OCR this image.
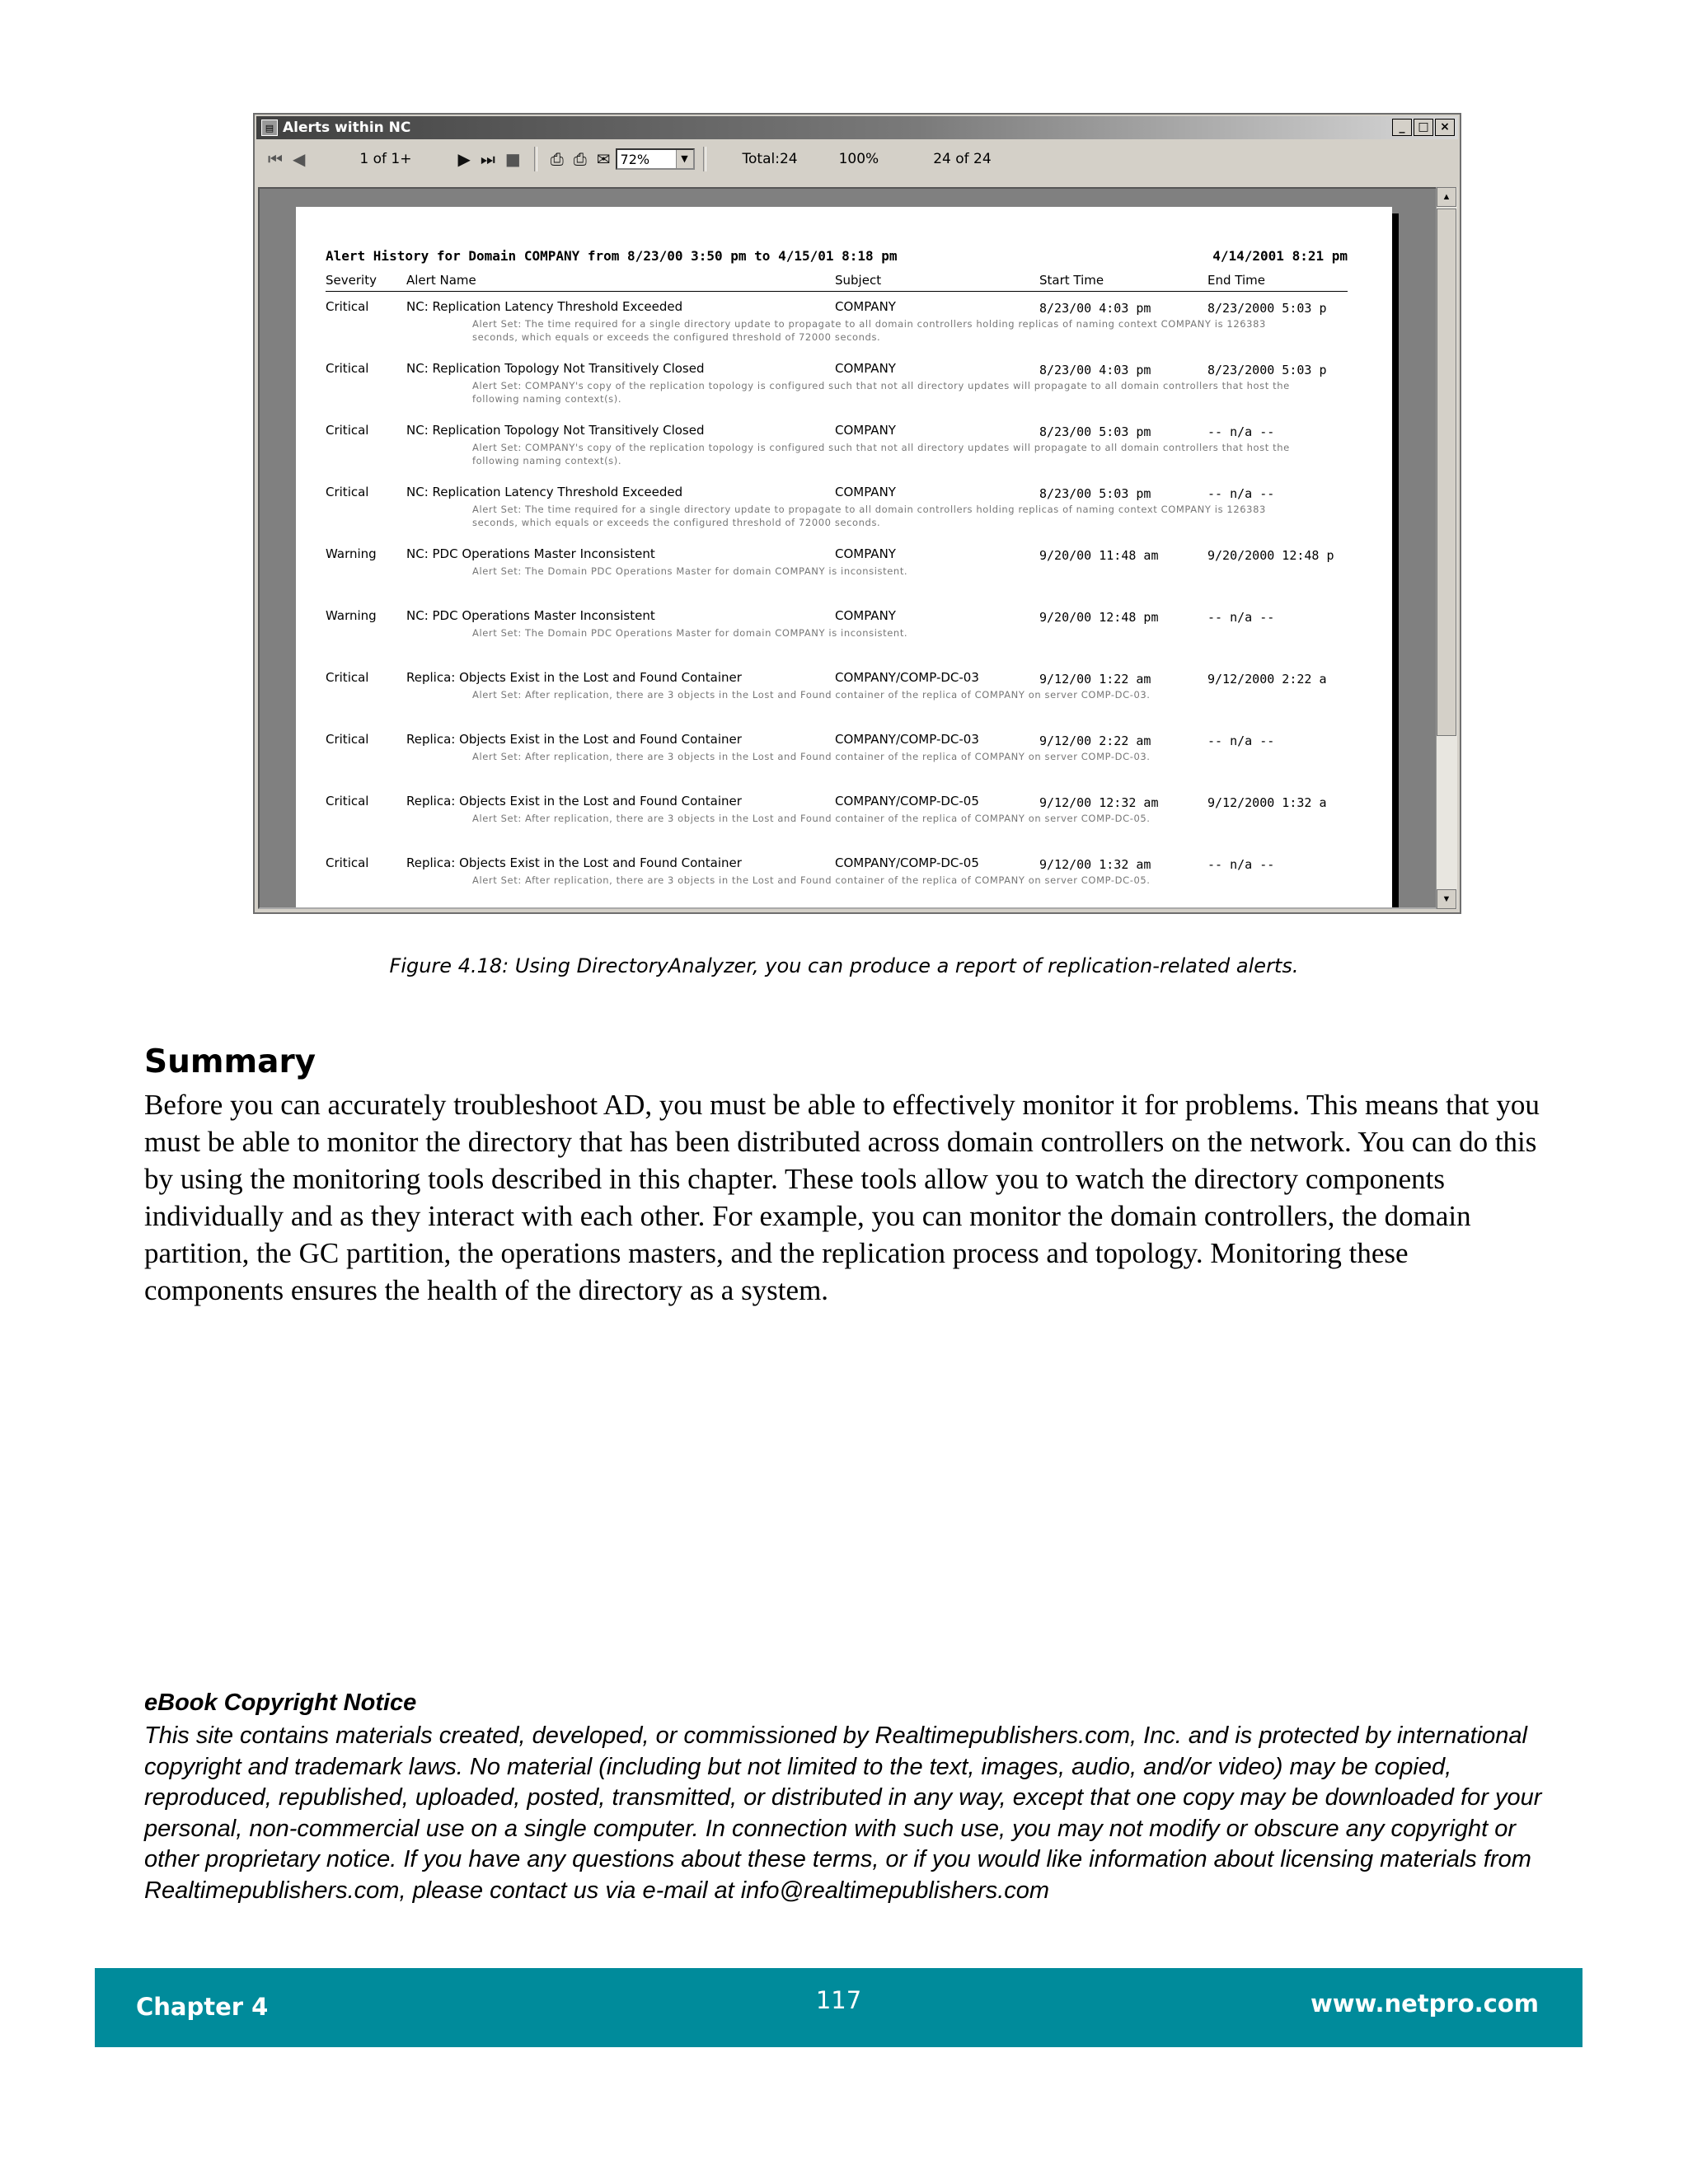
▤ Alerts within NC	_	□ ×
⏮ ◀	1 of 1+	▶ ⏭ ■ ⎙ ⎙ ✉ 72%	▼	Total:24	100%	24 of 24
Alert History for Domain COMPANY from 8/23/00 3:50 pm to 4/15/01 8:18 pm	4/14/2001 8:21 pm
Severity Alert Name	Subject	Start Time	End Time
Critical	NC: Replication Latency Threshold Exceeded	COMPANY	8/23/00 4:03 pm	8/23/2000 5:03 p
Alert Set: The time required for a single directory update to propagate to all domain controllers holding replicas of naming context COMPANY is 126383 seconds, which equals or exceeds the configured threshold of 72000 seconds.
Critical	NC: Replication Topology Not Transitively Closed	COMPANY	8/23/00 4:03 pm	8/23/2000 5:03 p
Alert Set: COMPANY's copy of the replication topology is configured such that not all directory updates will propagate to all domain controllers that host the following naming context(s).
Critical	NC: Replication Topology Not Transitively Closed	COMPANY	8/23/00 5:03 pm	-- n/a --
Alert Set: COMPANY's copy of the replication topology is configured such that not all directory updates will propagate to all domain controllers that host the following naming context(s).
Critical	NC: Replication Latency Threshold Exceeded	COMPANY	8/23/00 5:03 pm	-- n/a --
Alert Set: The time required for a single directory update to propagate to all domain controllers holding replicas of naming context COMPANY is 126383 seconds, which equals or exceeds the configured threshold of 72000 seconds.
Warning NC: PDC Operations Master Inconsistent	COMPANY	9/20/00 11:48 am	9/20/2000 12:48 p
Alert Set: The Domain PDC Operations Master for domain COMPANY is inconsistent.
Warning NC: PDC Operations Master Inconsistent	COMPANY	9/20/00 12:48 pm	-- n/a --
Alert Set: The Domain PDC Operations Master for domain COMPANY is inconsistent.
Critical	Replica: Objects Exist in the Lost and Found Container	COMPANY/COMP-DC-03	9/12/00 1:22 am	9/12/2000 2:22 a
Alert Set: After replication, there are 3 objects in the Lost and Found container of the replica of COMPANY on server COMP-DC-03.
Critical	Replica: Objects Exist in the Lost and Found Container	COMPANY/COMP-DC-03	9/12/00 2:22 am	-- n/a --
Alert Set: After replication, there are 3 objects in the Lost and Found container of the replica of COMPANY on server COMP-DC-03.
Critical	Replica: Objects Exist in the Lost and Found Container	COMPANY/COMP-DC-05	9/12/00 12:32 am	9/12/2000 1:32 a
Alert Set: After replication, there are 3 objects in the Lost and Found container of the replica of COMPANY on server COMP-DC-05.
Critical	Replica: Objects Exist in the Lost and Found Container	COMPANY/COMP-DC-05	9/12/00 1:32 am	-- n/a --
Alert Set: After replication, there are 3 objects in the Lost and Found container of the replica of COMPANY on server COMP-DC-05.
▲
▼
Figure 4.18: Using DirectoryAnalyzer, you can produce a report of replication-related alerts.
Summary
Before you can accurately troubleshoot AD, you must be able to effectively monitor it for problems. This means that you must be able to monitor the directory that has been distributed across domain controllers on the network. You can do this by using the monitoring tools described in this chapter. These tools allow you to watch the directory components individually and as they interact with each other. For example, you can monitor the domain controllers, the domain partition, the GC partition, the operations masters, and the replication process and topology. Monitoring these components ensures the health of the directory as a system.
eBook Copyright Notice
This site contains materials created, developed, or commissioned by Realtimepublishers.com, Inc. and is protected by international copyright and trademark laws. No material (including but not limited to the text, images, audio, and/or video) may be copied, reproduced, republished, uploaded, posted, transmitted, or distributed in any way, except that one copy may be downloaded for your personal, non-commercial use on a single computer. In connection with such use, you may not modify or obscure any copyright or other proprietary notice. If you have any questions about these terms, or if you would like information about licensing materials from Realtimepublishers.com, please contact us via e-mail at info@realtimepublishers.com
Chapter 4	117	www.netpro.com
